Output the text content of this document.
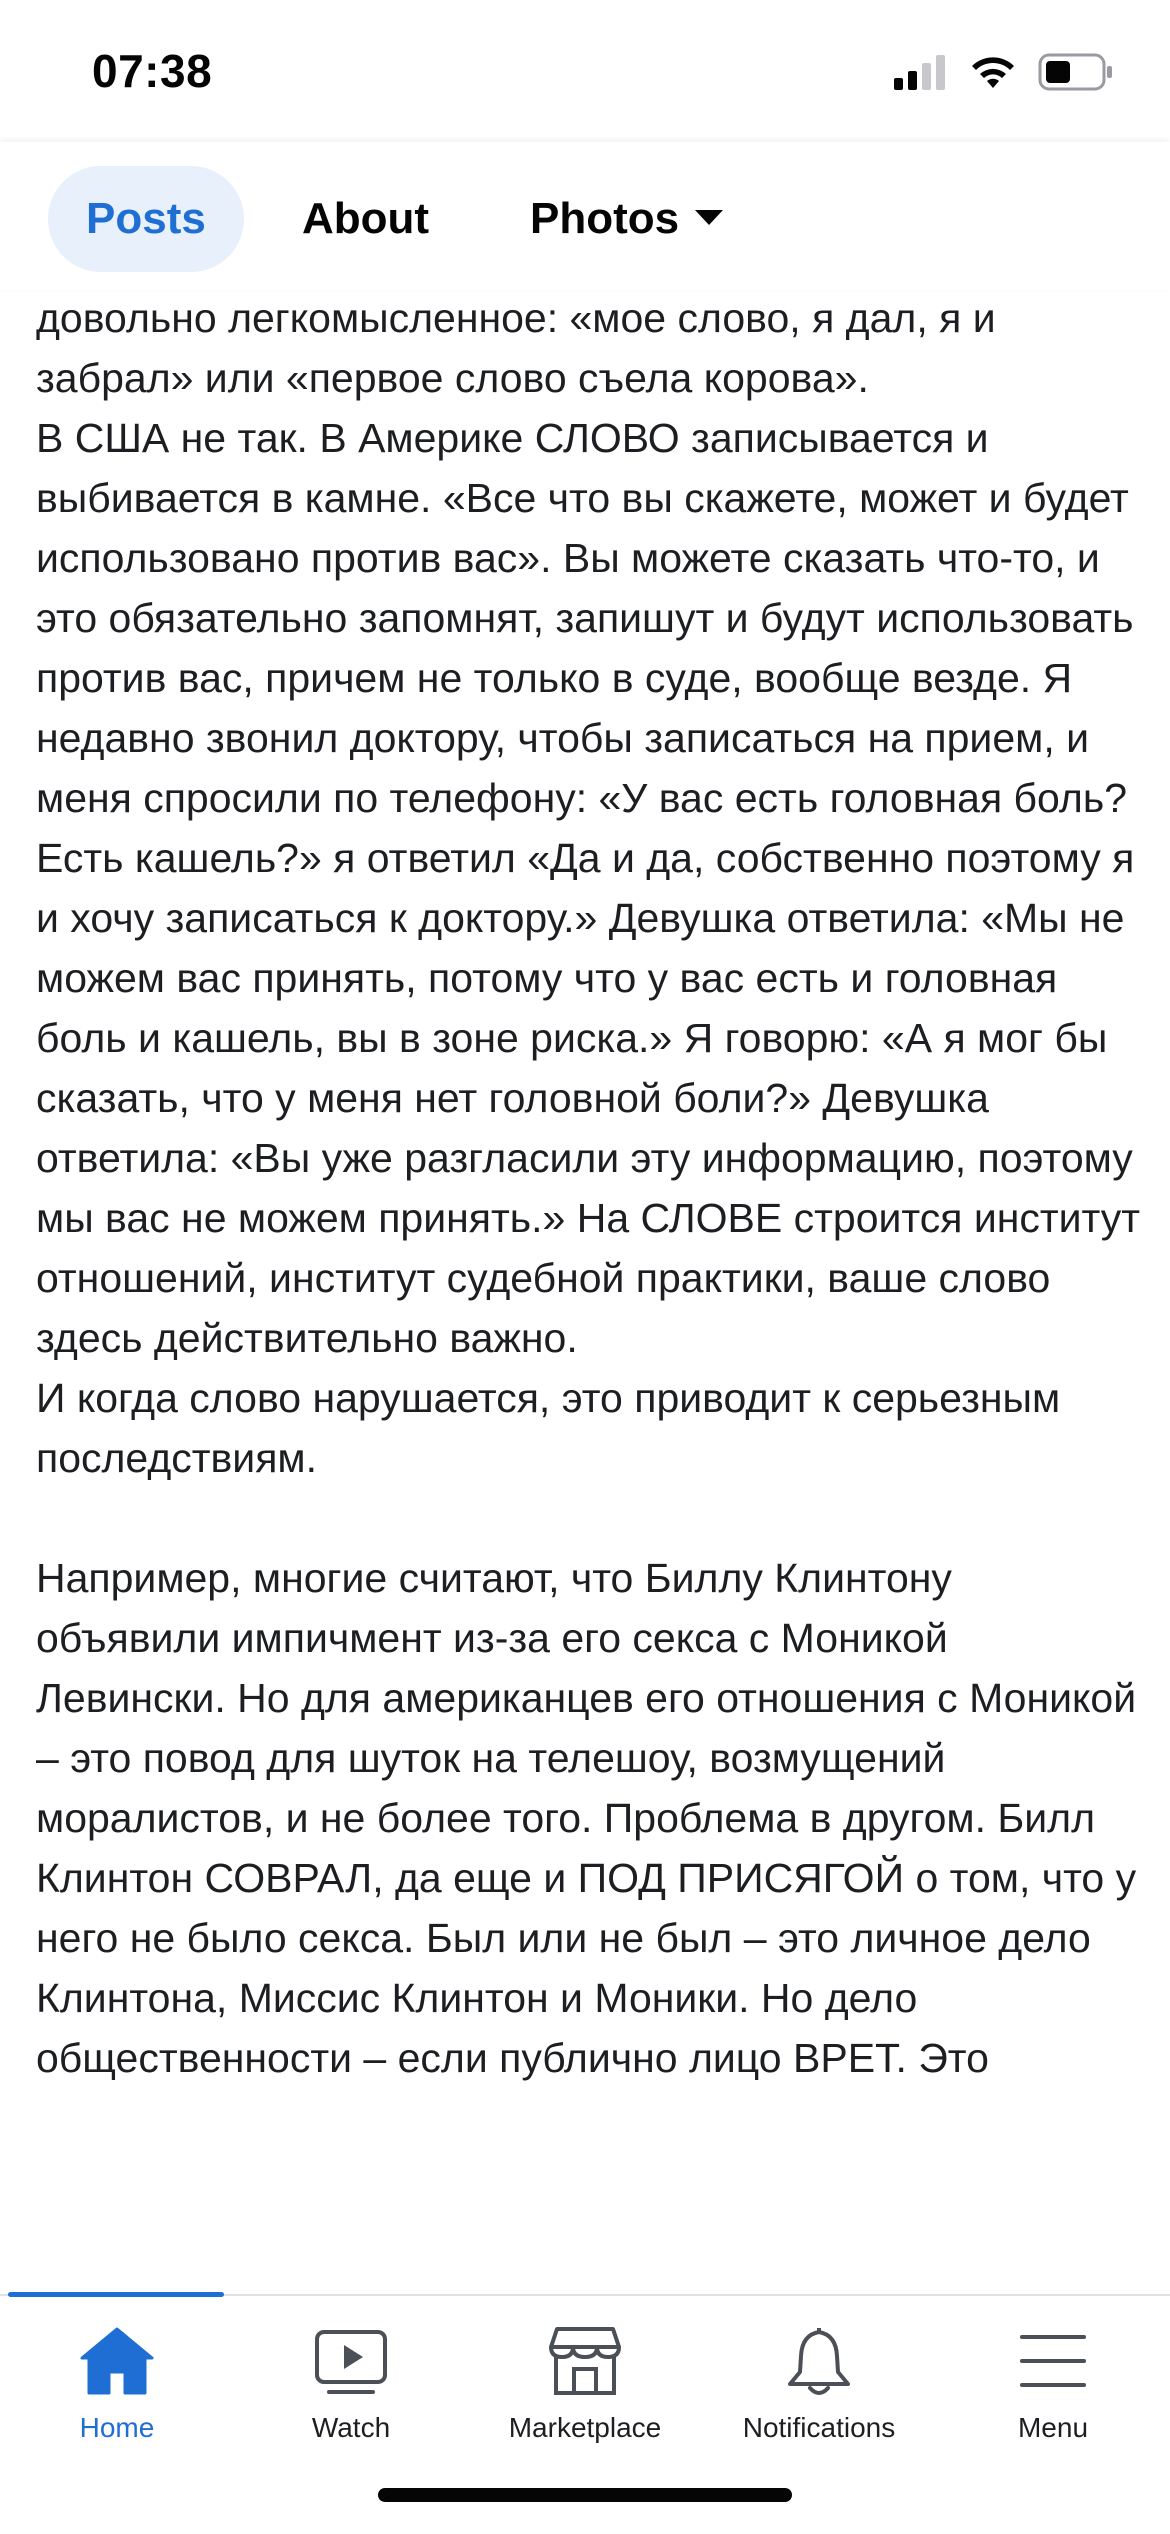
07:38
Posts	About	Photos

довольно легкомысленное: «мое слово, я дал, я и забрал» или «первое слово съела корова».

В США не так. В Америке СЛОВО записывается и выбивается в камне. «Все что вы скажете, может и будет использовано против вас». Вы можете сказать что-то, и это обязательно запомнят, запишут и будут использовать против вас, причем не только в суде, вообще везде. Я недавно звонил доктору, чтобы записаться на прием, и меня спросили по телефону: «У вас есть головная боль? Есть кашель?» я ответил «Да и да, собственно поэтому я и хочу записаться к доктору.» Девушка ответила: «Мы не можем вас принять, потому что у вас есть и головная боль и кашель, вы в зоне риска.» Я говорю: «А я мог бы сказать, что у меня нет головной боли?» Девушка ответила: «Вы уже разгласили эту информацию, поэтому мы вас не можем принять.» На СЛОВЕ строится институт отношений, институт судебной практики, ваше слово здесь действительно важно.

И когда слово нарушается, это приводит к серьезным последствиям.

Например, многие считают, что Биллу Клинтону объявили импичмент из-за его секса с Моникой Левински. Но для американцев его отношения с Моникой – это повод для шуток на телешоу, возмущений моралистов, и не более того. Проблема в другом. Билл Клинтон СОВРАЛ, да еще и ПОД ПРИСЯГОЙ о том, что у него не было секса. Был или не был – это личное дело Клинтона, Миссис Клинтон и Моники. Но дело общественности – если публично лицо ВРЕТ. Это

Home	Watch	Marketplace	Notifications	Menu
